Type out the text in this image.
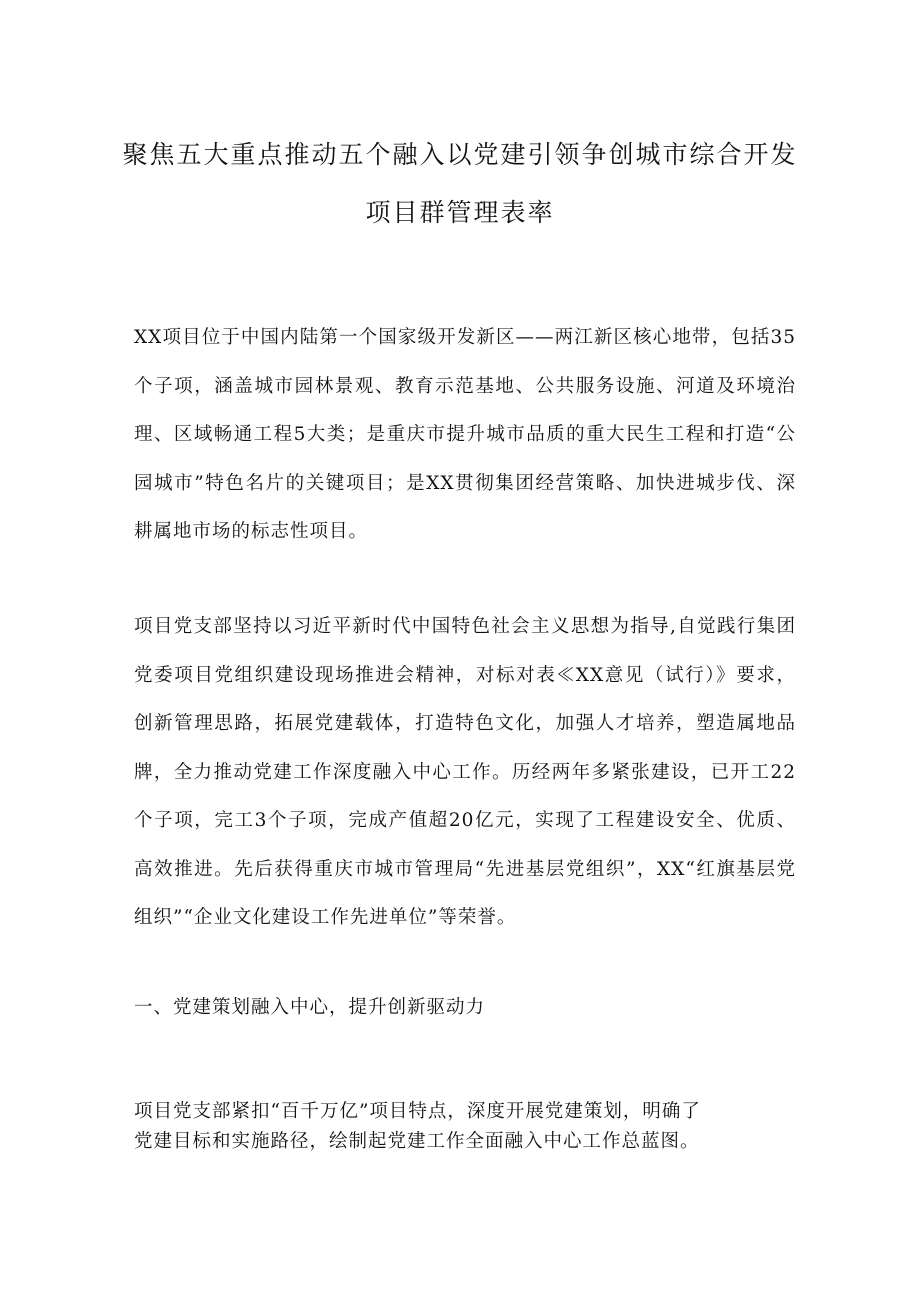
聚焦五大重点推动五个融入以党建引领争创城市综合开发
项目群管理表率
XX项目位于中国内陆第一个国家级开发新区——两江新区核心地带，包括35个子项，涵盖城市园林景观、教育示范基地、公共服务设施、河道及环境治理、区域畅通工程5大类；是重庆市提升城市品质的重大民生工程和打造“公园城市”特色名片的关键项目；是XX贯彻集团经营策略、加快进城步伐、深耕属地市场的标志性项目。
项目党支部坚持以习近平新时代中国特色社会主义思想为指导,自觉践行集团党委项目党组织建设现场推进会精神，对标对表≪XX意见（试行）》要求，创新管理思路，拓展党建载体，打造特色文化，加强人才培养，塑造属地品牌，全力推动党建工作深度融入中心工作。历经两年多紧张建设，已开工22个子项，完工3个子项，完成产值超20亿元，实现了工程建设安全、优质、高效推进。先后获得重庆市城市管理局“先进基层党组织”，XX“红旗基层党组织”“企业文化建设工作先进单位”等荣誉。
一、党建策划融入中心，提升创新驱动力
项目党支部紧扣“百千万亿”项目特点，深度开展党建策划，明确了
党建目标和实施路径，绘制起党建工作全面融入中心工作总蓝图。
